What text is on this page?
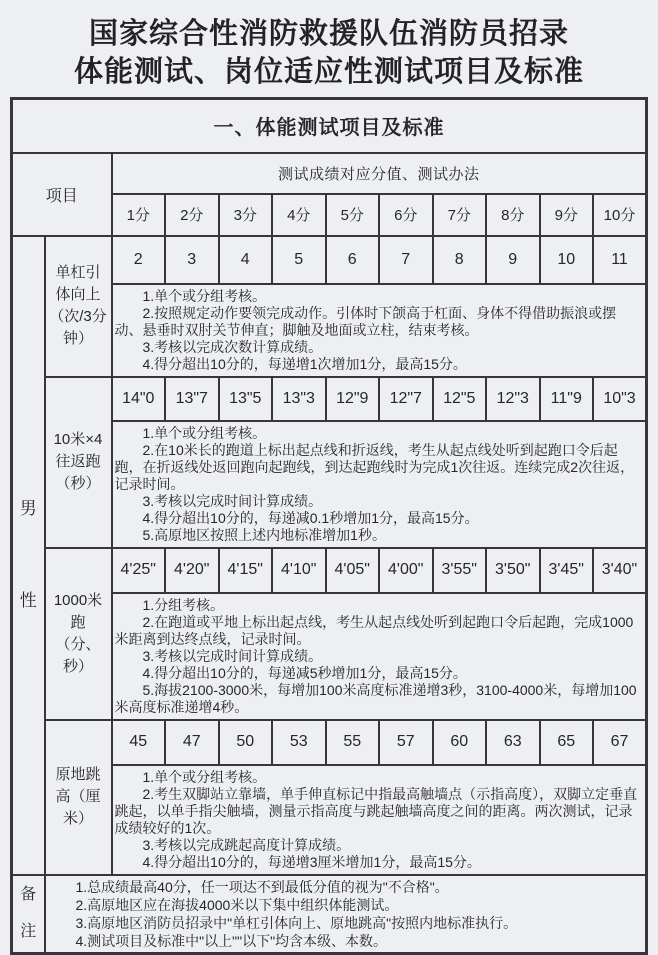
国家综合性消防救援队伍消防员招录
体能测试、岗位适应性测试项目及标准
一、体能测试项目及标准											
项目		测试成绩对应分值、测试办法									
		1分	2分	3分	4分	5分	6分	7分	8分	9分	10分
男性	单杠引体向上（次/3分钟）	2	3	4	5	6	7	8	9	10	11

		1.单个或分组考核。

2.按照规定动作要领完成动作。引体时下颌高于杠面、身体不得借助振浪或摆动、悬垂时双肘关节伸直；脚触及地面或立柱，结束考核。

3.考核以完成次数计算成绩。

4.得分超出10分的，每递增1次增加1分，最高15分。									

	10米×4往返跑（秒）	14"0	13"7	13"5	13"3	12"9	12"7	12"5	12"3	11"9	10"3

		1.单个或分组考核。

2.在10米长的跑道上标出起点线和折返线，考生从起点线处听到起跑口令后起跑，在折返线处返回跑向起跑线，到达起跑线时为完成1次往返。连续完成2次往返，记录时间。

3.考核以完成时间计算成绩。

4.得分超出10分的，每递减0.1秒增加1分，最高15分。

5.高原地区按照上述内地标准增加1秒。									

	1000米跑（分、秒）	4'25"	4'20"	4'15"	4'10"	4'05"	4'00"	3'55"	3'50"	3'45"	3'40"

		1.分组考核。

2.在跑道或平地上标出起点线，考生从起点线处听到起跑口令后起跑，完成1000米距离到达终点线，记录时间。

3.考核以完成时间计算成绩。

4.得分超出10分的，每递减5秒增加1分，最高15分。

5.海拔2100-3000米，每增加100米高度标准递增3秒，3100-4000米，每增加100米高度标准递增4秒。									

	原地跳高（厘米）	45	47	50	53	55	57	60	63	65	67

		1.单个或分组考核。

2.考生双脚站立靠墙，单手伸直标记中指最高触墙点（示指高度），双脚立定垂直跳起，以单手指尖触墙，测量示指高度与跳起触墙高度之间的距离。两次测试，记录成绩较好的1次。

3.考核以完成跳起高度计算成绩。

4.得分超出10分的，每递增3厘米增加1分，最高15分。									

备注	1.总成绩最高40分，任一项达不到最低分值的视为"不合格"。

2.高原地区应在海拔4000米以下集中组织体能测试。

3.高原地区消防员招录中"单杠引体向上、原地跳高"按照内地标准执行。

4.测试项目及标准中"以上""以下"均含本级、本数。										
